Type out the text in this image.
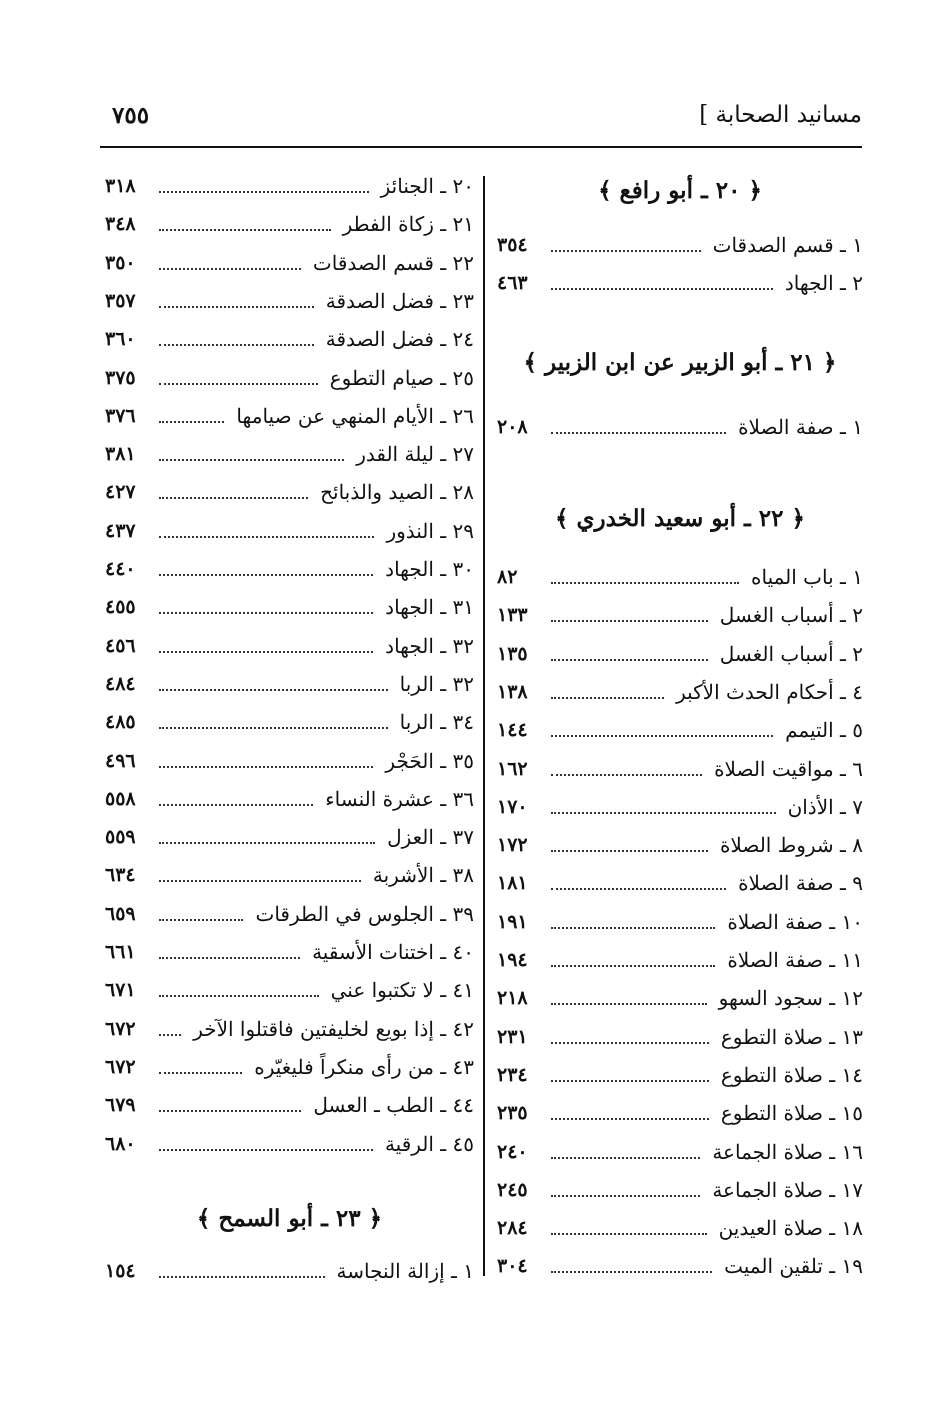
مسانيد الصحابة ]
٧٥٥
﴿ ٢٠ ـ أبو رافع ﴾
١ ـ قسم الصدقات
٣٥٤
٢ ـ الجهاد
٤٦٣
﴿ ٢١ ـ أبو الزبير عن ابن الزبير ﴾
١ ـ صفة الصلاة
٢٠٨
﴿ ٢٢ ـ أبو سعيد الخدري ﴾
١ ـ باب المياه
٨٢
٢ ـ أسباب الغسل
١٣٣
٢ ـ أسباب الغسل
١٣٥
٤ ـ أحكام الحدث الأكبر
١٣٨
٥ ـ التيمم
١٤٤
٦ ـ مواقيت الصلاة
١٦٢
٧ ـ الأذان
١٧٠
٨ ـ شروط الصلاة
١٧٢
٩ ـ صفة الصلاة
١٨١
١٠ ـ صفة الصلاة
١٩١
١١ ـ صفة الصلاة
١٩٤
١٢ ـ سجود السهو
٢١٨
١٣ ـ صلاة التطوع
٢٣١
١٤ ـ صلاة التطوع
٢٣٤
١٥ ـ صلاة التطوع
٢٣٥
١٦ ـ صلاة الجماعة
٢٤٠
١٧ ـ صلاة الجماعة
٢٤٥
١٨ ـ صلاة العيدين
٢٨٤
١٩ ـ تلقين الميت
٣٠٤
٢٠ ـ الجنائز
٣١٨
٢١ ـ زكاة الفطر
٣٤٨
٢٢ ـ قسم الصدقات
٣٥٠
٢٣ ـ فضل الصدقة
٣٥٧
٢٤ ـ فضل الصدقة
٣٦٠
٢٥ ـ صيام التطوع
٣٧٥
٢٦ ـ الأيام المنهي عن صيامها
٣٧٦
٢٧ ـ ليلة القدر
٣٨١
٢٨ ـ الصيد والذبائح
٤٢٧
٢٩ ـ النذور
٤٣٧
٣٠ ـ الجهاد
٤٤٠
٣١ ـ الجهاد
٤٥٥
٣٢ ـ الجهاد
٤٥٦
٣٢ ـ الربا
٤٨٤
٣٤ ـ الربا
٤٨٥
٣٥ ـ الحَجْر
٤٩٦
٣٦ ـ عشرة النساء
٥٥٨
٣٧ ـ العزل
٥٥٩
٣٨ ـ الأشربة
٦٣٤
٣٩ ـ الجلوس في الطرقات
٦٥٩
٤٠ ـ اختنات الأسقية
٦٦١
٤١ ـ لا تكتبوا عني
٦٧١
٤٢ ـ إذا بويع لخليفتين فاقتلوا الآخر
٦٧٢
٤٣ ـ من رأى منكراً فليغيّره
٦٧٢
٤٤ ـ الطب ـ العسل
٦٧٩
٤٥ ـ الرقية
٦٨٠
﴿ ٢٣ ـ أبو السمح ﴾
١ ـ إزالة النجاسة
١٥٤
